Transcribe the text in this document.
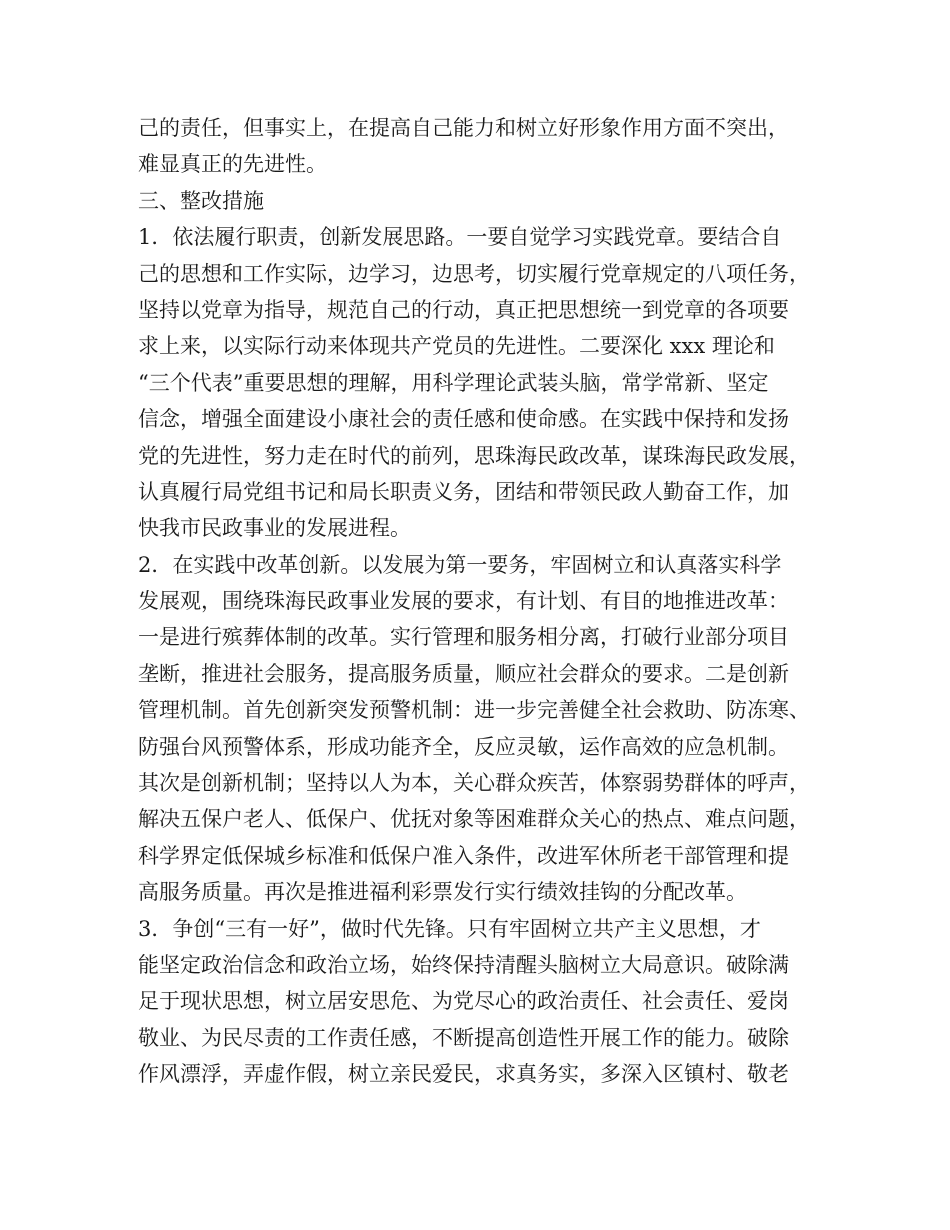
己的责任，但事实上，在提高自己能力和树立好形象作用方面不突出，
难显真正的先进性。
三、整改措施
1．依法履行职责，创新发展思路。一要自觉学习实践党章。要结合自
己的思想和工作实际，边学习，边思考，切实履行党章规定的八项任务，
坚持以党章为指导，规范自己的行动，真正把思想统一到党章的各项要
求上来，以实际行动来体现共产党员的先进性。二要深化 xxx 理论和
“三个代表”重要思想的理解，用科学理论武装头脑，常学常新、坚定
信念，增强全面建设小康社会的责任感和使命感。在实践中保持和发扬
党的先进性，努力走在时代的前列，思珠海民政改革，谋珠海民政发展，
认真履行局党组书记和局长职责义务，团结和带领民政人勤奋工作，加
快我市民政事业的发展进程。
2．在实践中改革创新。以发展为第一要务，牢固树立和认真落实科学
发展观，围绕珠海民政事业发展的要求，有计划、有目的地推进改革：
一是进行殡葬体制的改革。实行管理和服务相分离，打破行业部分项目
垄断，推进社会服务，提高服务质量，顺应社会群众的要求。二是创新
管理机制。首先创新突发预警机制：进一步完善健全社会救助、防冻寒、
防强台风预警体系，形成功能齐全，反应灵敏，运作高效的应急机制。
其次是创新机制；坚持以人为本，关心群众疾苦，体察弱势群体的呼声，
解决五保户老人、低保户、优抚对象等困难群众关心的热点、难点问题，
科学界定低保城乡标准和低保户准入条件，改进军休所老干部管理和提
高服务质量。再次是推进福利彩票发行实行绩效挂钩的分配改革。
3．争创“三有一好”，做时代先锋。只有牢固树立共产主义思想，才
能坚定政治信念和政治立场，始终保持清醒头脑树立大局意识。破除满
足于现状思想，树立居安思危、为党尽心的政治责任、社会责任、爱岗
敬业、为民尽责的工作责任感，不断提高创造性开展工作的能力。破除
作风漂浮，弄虚作假，树立亲民爱民，求真务实，多深入区镇村、敬老
